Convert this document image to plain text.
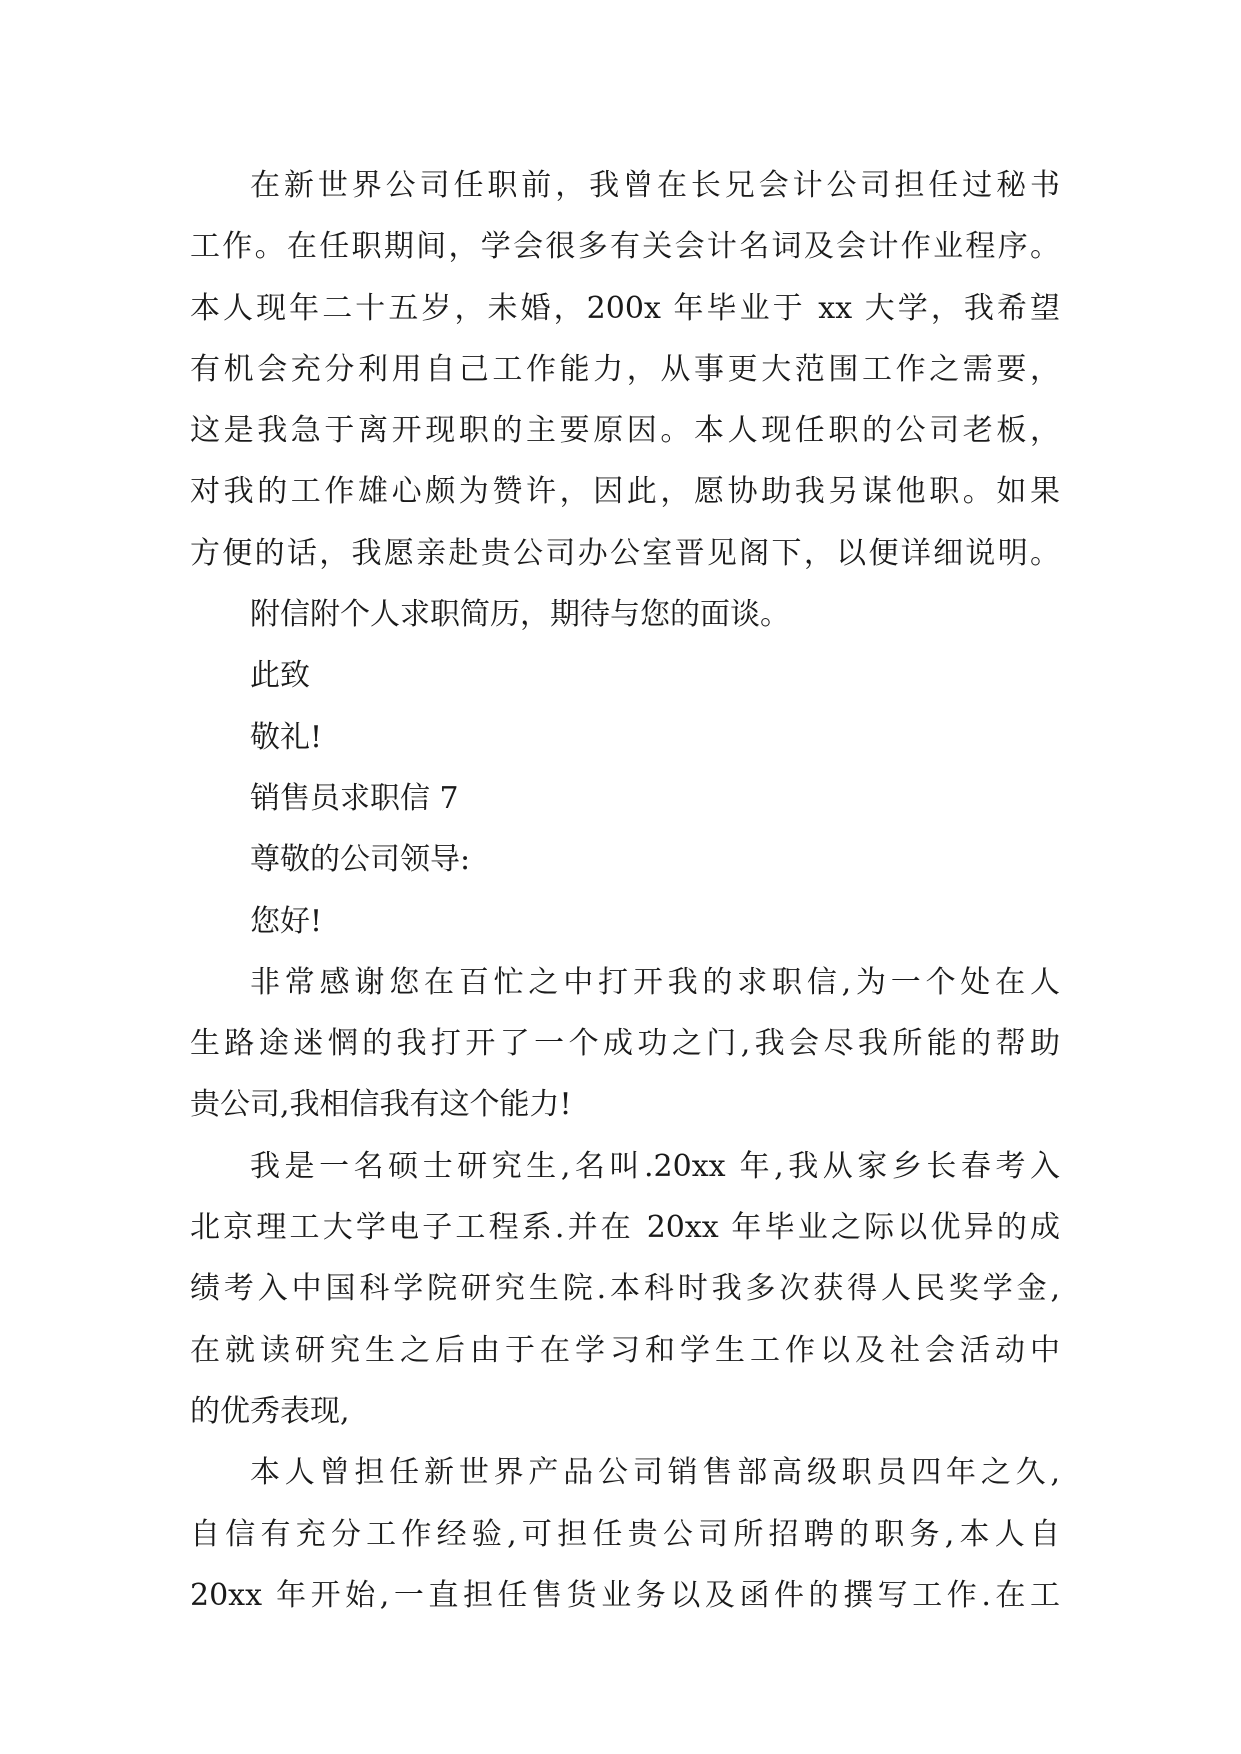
在新世界公司任职前，我曾在长兄会计公司担任过秘书
工作。在任职期间，学会很多有关会计名词及会计作业程序。
本人现年二十五岁，未婚，200x 年毕业于 xx 大学，我希望
有机会充分利用自己工作能力，从事更大范围工作之需要，
这是我急于离开现职的主要原因。本人现任职的公司老板，
对我的工作雄心颇为赞许，因此，愿协助我另谋他职。如果
方便的话，我愿亲赴贵公司办公室晋见阁下，以便详细说明。
附信附个人求职简历，期待与您的面谈。
此致
敬礼!
销售员求职信 7
尊敬的公司领导:
您好!
非常感谢您在百忙之中打开我的求职信,为一个处在人
生路途迷惘的我打开了一个成功之门,我会尽我所能的帮助
贵公司,我相信我有这个能力!
我是一名硕士研究生,名叫.20xx 年,我从家乡长春考入
北京理工大学电子工程系.并在 20xx 年毕业之际以优异的成
绩考入中国科学院研究生院.本科时我多次获得人民奖学金,
在就读研究生之后由于在学习和学生工作以及社会活动中
的优秀表现,
本人曾担任新世界产品公司销售部高级职员四年之久,
自信有充分工作经验,可担任贵公司所招聘的职务,本人自
20xx 年开始,一直担任售货业务以及函件的撰写工作.在工
